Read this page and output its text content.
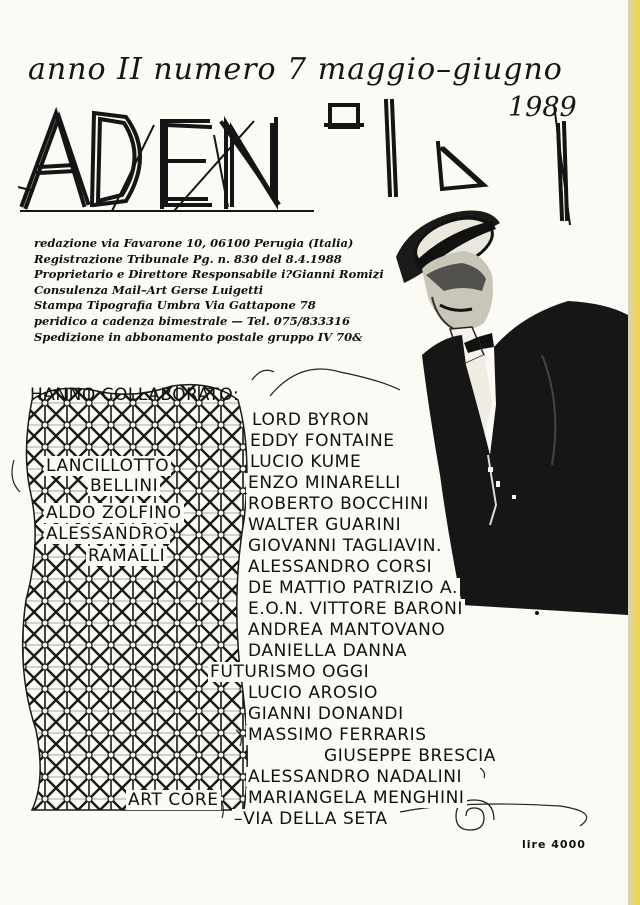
anno II numero 7 maggio–giugno
1989
redazione via Favarone 10, 06100 Perugia (Italia)
Registrazione Tribunale Pg. n. 830 del 8.4.1988
Proprietario e Direttore Responsabile i?Gianni Romizi
Consulenza Mail–Art Gerse Luigetti
Stampa Tipografia Umbra Via Gattapone 78
peridico a cadenza bimestrale — Tel. 075/833316
Spedizione in abbonamento postale gruppo IV 70&
HANNO COLLABORATO:
LANCILLOTTO
BELLINI
ALDO ZOLFINO
ALESSANDRO
RAMALLI
ART CORE
LORD BYRON
EDDY FONTAINE
LUCIO KUME
ENZO MINARELLI
ROBERTO BOCCHINI
WALTER GUARINI
GIOVANNI TAGLIAVIN.
ALESSANDRO CORSI
DE MATTIO PATRIZIO A.
E.O.N. VITTORE BARONI
ANDREA MANTOVANO
DANIELLA DANNA
FUTURISMO OGGI
LUCIO AROSIO
GIANNI DONANDI
MASSIMO FERRARIS
GIUSEPPE BRESCIA
ALESSANDRO NADALINI
MARIANGELA MENGHINI
–VIA DELLA SETA
lire 4000
